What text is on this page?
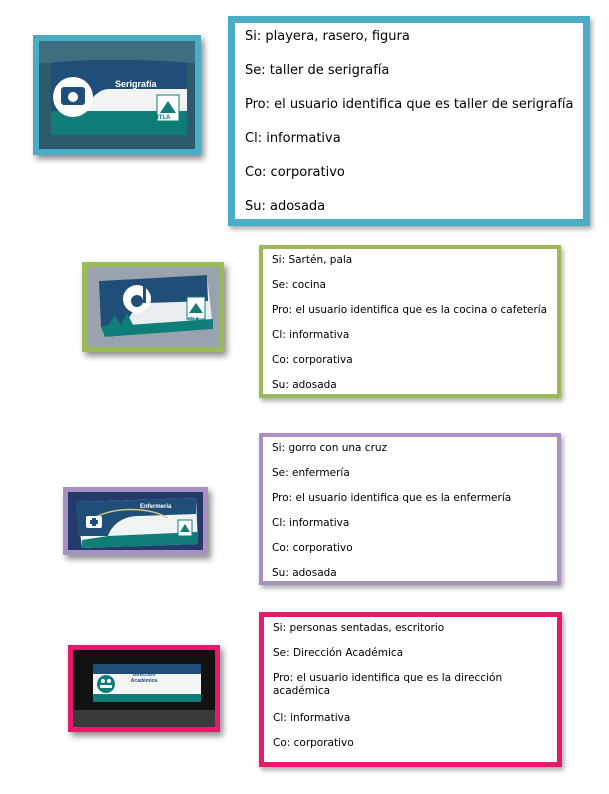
Serigrafía
ITLA

Si: playera, rasero, figura

Se: taller de serigrafía

Pro: el usuario identifica que es taller de serigrafía

Cl: informativa

Co: corporativo

Su: adosada

ITLA

Si: Sartén, pala

Se: cocina

Pro: el usuario identifica que es la cocina o cafetería

Cl: informativa

Co: corporativa

Su: adosada

Enfermería
ITLA

Si: gorro con una cruz

Se: enfermería

Pro: el usuario identifica que es la enfermería

Cl: informativa

Co: corporativo

Su: adosada

Dirección Académica

Si: personas sentadas, escritorio

Se: Dirección Académica

Pro: el usuario identifica que es la dirección académica

Cl: informativa

Co: corporativo
